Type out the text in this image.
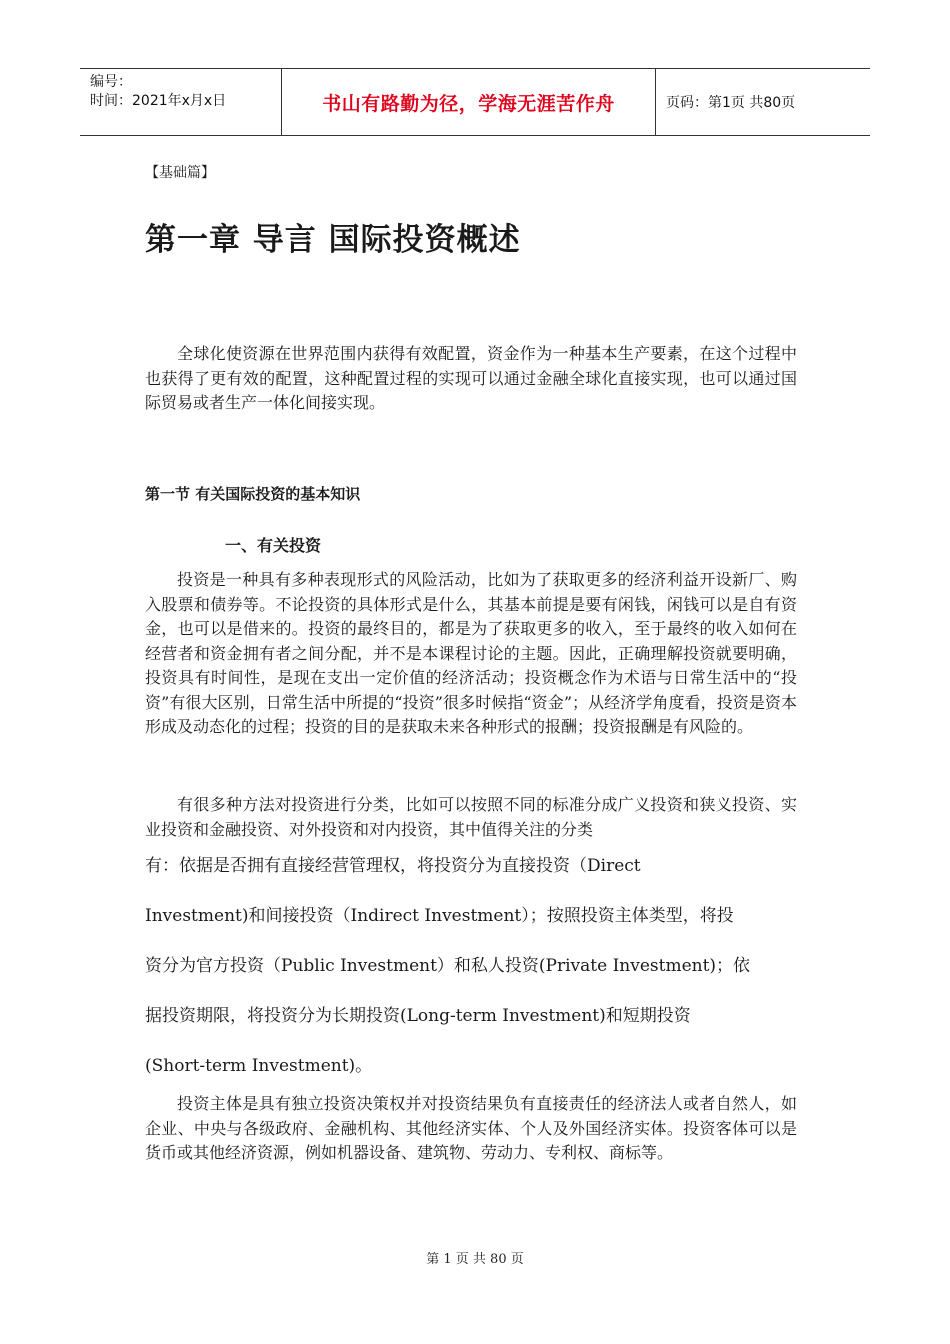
编号：
时间：2021年x月x日	书山有路勤为径，学海无涯苦作舟	页码：第1页 共80页
【基础篇】
第一章 导言 国际投资概述

全球化使资源在世界范围内获得有效配置，资金作为一种基本生产要素，在这个过程中也获得了更有效的配置，这种配置过程的实现可以通过金融全球化直接实现，也可以通过国际贸易或者生产一体化间接实现。

第一节 有关国际投资的基本知识
一、有关投资

投资是一种具有多种表现形式的风险活动，比如为了获取更多的经济利益开设新厂、购入股票和债券等。不论投资的具体形式是什么，其基本前提是要有闲钱，闲钱可以是自有资金，也可以是借来的。投资的最终目的，都是为了获取更多的收入，至于最终的收入如何在经营者和资金拥有者之间分配，并不是本课程讨论的主题。因此，正确理解投资就要明确，投资具有时间性，是现在支出一定价值的经济活动；投资概念作为术语与日常生活中的“投资”有很大区别，日常生活中所提的“投资”很多时候指“资金”；从经济学角度看，投资是资本形成及动态化的过程；投资的目的是获取未来各种形式的报酬；投资报酬是有风险的。

有很多种方法对投资进行分类，比如可以按照不同的标准分成广义投资和狭义投资、实业投资和金融投资、对外投资和对内投资，其中值得关注的分类

有：依据是否拥有直接经营管理权，将投资分为直接投资（Direct
Investment)和间接投资（Indirect Investment）；按照投资主体类型，将投
资分为官方投资（Public Investment）和私人投资(Private Investment)；依
据投资期限，将投资分为长期投资(Long-term Investment)和短期投资
(Short-term Investment)。

投资主体是具有独立投资决策权并对投资结果负有直接责任的经济法人或者自然人，如企业、中央与各级政府、金融机构、其他经济实体、个人及外国经济实体。投资客体可以是货币或其他经济资源，例如机器设备、建筑物、劳动力、专利权、商标等。

第 1 页 共 80 页
